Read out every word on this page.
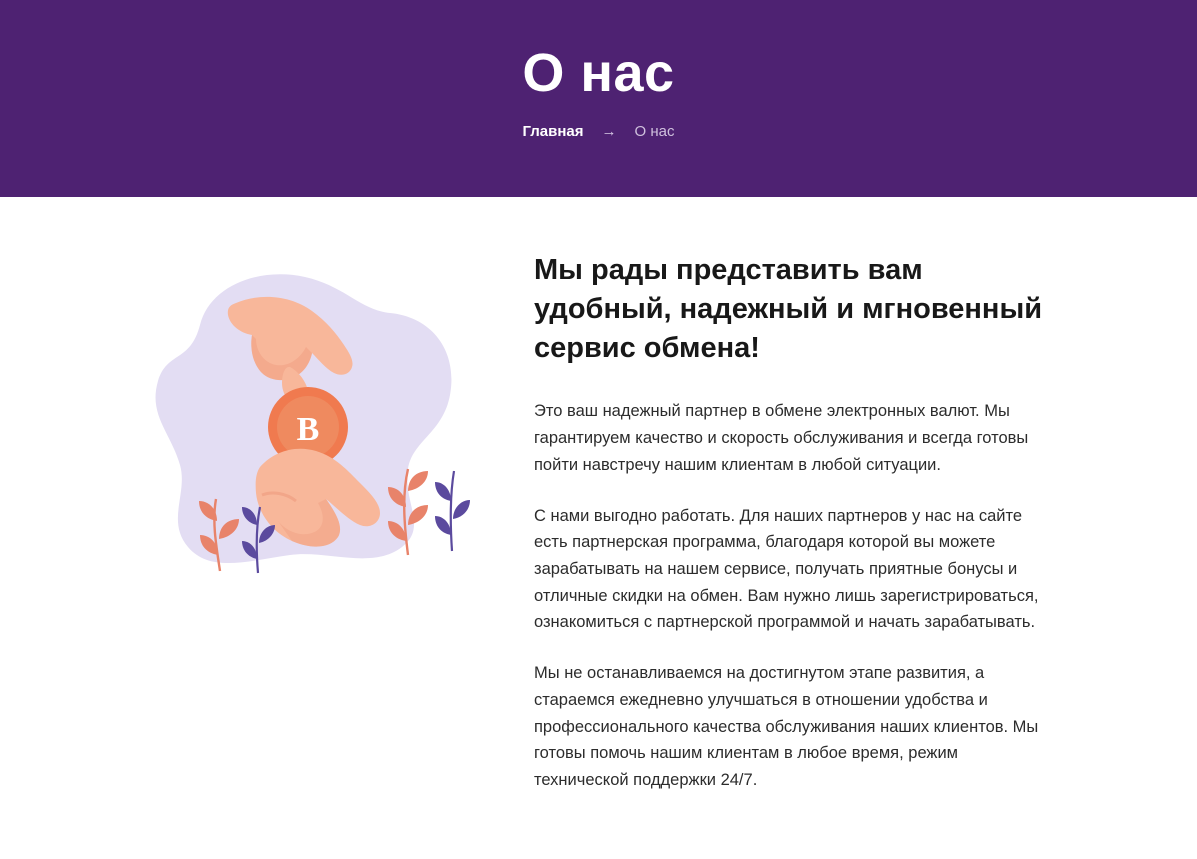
О нас
Главная → О нас
B
Мы рады представить вам удобный, надежный и мгновенный сервис обмена!

Это ваш надежный партнер в обмене электронных валют. Мы гарантируем качество и скорость обслуживания и всегда готовы пойти навстречу нашим клиентам в любой ситуации.

С нами выгодно работать. Для наших партнеров у нас на сайте есть партнерская программа, благодаря которой вы можете зарабатывать на нашем сервисе, получать приятные бонусы и отличные скидки на обмен. Вам нужно лишь зарегистрироваться, ознакомиться с партнерской программой и начать зарабатывать.

Мы не останавливаемся на достигнутом этапе развития, а стараемся ежедневно улучшаться в отношении удобства и профессионального качества обслуживания наших клиентов. Мы готовы помочь нашим клиентам в любое время, режим технической поддержки 24/7.
